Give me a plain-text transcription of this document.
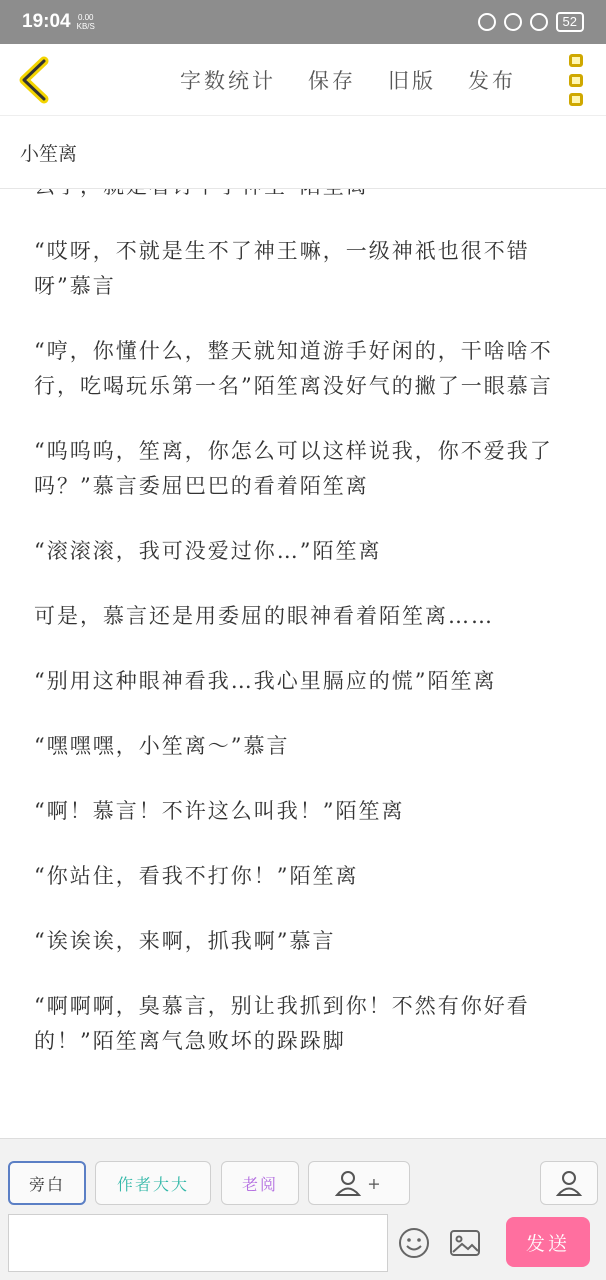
19:04 0.00
KB/S	52
字数统计 保存 旧版 发布
小笙离

“哎呀，不就是生不了神王嘛，一级神祇也很不错呀”慕言

“哼，你懂什么，整天就知道游手好闲的，干啥啥不行，吃喝玩乐第一名”陌笙离没好气的撇了一眼慕言

“呜呜呜，笙离，你怎么可以这样说我，你不爱我了吗？”慕言委屈巴巴的看着陌笙离

“滚滚滚，我可没爱过你…”陌笙离

可是，慕言还是用委屈的眼神看着陌笙离……

“别用这种眼神看我…我心里膈应的慌”陌笙离

“嘿嘿嘿，小笙离～”慕言

“啊！慕言！不许这么叫我！”陌笙离

“你站住，看我不打你！”陌笙离

“诶诶诶，来啊，抓我啊”慕言

“啊啊啊，臭慕言，别让我抓到你！不然有你好看的！”陌笙离气急败坏的跺跺脚

旁白	作者大大	老阅	+
发送
